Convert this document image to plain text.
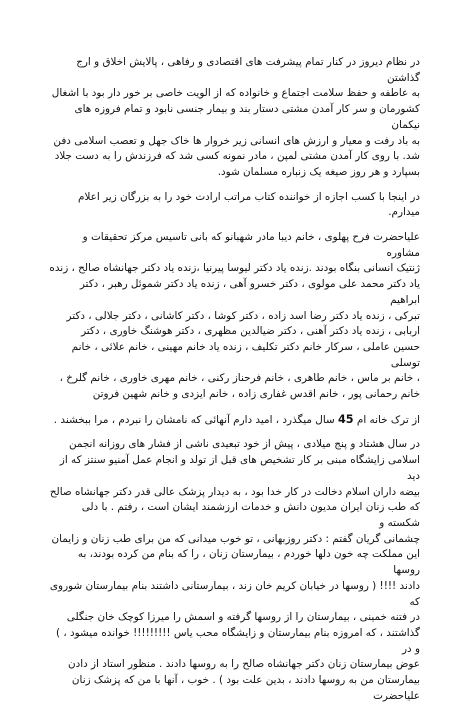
در نظام دیروز در کنار تمام پیشرفت های اقتصادی و رفاهی ، پالایش اخلاق و ارج گذاشتن
به عاطفه و حفظ سلامت اجتماع و خانواده که از الویت خاصی بر خور دار بود با اشغال
کشورمان و سر کار آمدن مشتی دستار بند و بیمار جنسی نابود و تمام فروزه های نیکمان
به باد رفت و معیار و ارزش های انسانی زیر خروار ها خاک جهل و تعصب اسلامی دفن
شد. با روی کار آمدن مشتی لمپن ، مادر نمونه کسی شد که فرزندش را به دست جلاد
بسپارد و هر روز صیغه یک زنباره مسلمان شود.
در اینجا با کسب اجازه از خواننده کتاب مراتب ارادت خود را به بزرگان زیر اعلام
میدارم.
علیاحضرت فرح پهلوی ، خانم دیبا مادر شهبانو که بانی تاسیس مرکز تحقیقات و مشاوره
ژنتیک انسانی بنگاه بودند .زنده یاد دکتر لیوسا پیرنیا ،زنده یاد دکتر جهانشاه صالح ، زنده
یاد دکتر محمد علی مولوی ، دکتر خسرو آهی ، زنده یاد دکتر شموئل رهبر ، دکتر ابراهیم
تبرکی ، زنده یاد دکتر رضا اسد زاده ، دکتر کوشا ، دکتر کاشانی ، دکتر جلالی ، دکتر
اربابی ، زنده یاد دکتر آهنی ، دکتر ضیالدین مظهری ، دکتر هوشنگ خاوری ، دکتر
حسین عاملی ، سرکار خانم دکتر تکلیف ، زنده یاد خانم مهینی ، خانم علائی ، خانم توسلی
، خانم بر ماس ، خانم طاهری ، خانم فرحناز رکنی ، خانم مهری خاوری ، خانم گلرخ ،
خانم رحمانی پور ، خانم اقدس غفاری زاده ، خانم ایزدی و خانم شهین فروتن
از ترک خانه ام 45 سال میگذرد ، امید دارم آنهائی که نامشان را نبردم ، مرا ببخشند .
در سال هشتاد و پنج میلادی ، پیش از خود تبعیدی ناشی از فشار های روزانه انجمن
اسلامی زایشگاه مبنی بر کار تشخیص های قبل از تولد و انجام عمل آمنیو سنتز که از دید
بیضه داران اسلام دخالت در کار خدا بود ، به دیدار پزشک عالی قدر دکتر جهانشاه صالح
که طب زنان ایران مدیون دانش و خدمات ارزشمند ایشان است ، رفتم . با دلی شکسته و
چشمانی گریان گفتم : دکتر روزبهانی ، تو خوب میدانی که من برای طب زنان و زایمان
این مملکت چه خون دلها خوردم ، بیمارستان زنان ، را که بنام من کرده بودند، به روسها
دادند !!!! ( روسها در خیابان کریم خان زند ، بیمارستانی داشتند بنام بیمارستان شوروی که
در فتنه خمینی ، بیمارستان را از روسها گرفته و اسمش را میرزا کوچک خان جنگلی
گذاشتند ، که امروزه بنام بیمارستان و زایشگاه محب یاس !!!!!!!!! خوانده میشود ، ) و در
عوض بیمارستان زنان دکتر جهانشاه صالح را به روسها دادند . منظور استاد از دادن
بیمارستان من به روسها دادند ، بدین علت بود ) . خوب ، آنها با من که پزشک زنان علیاحضرت
